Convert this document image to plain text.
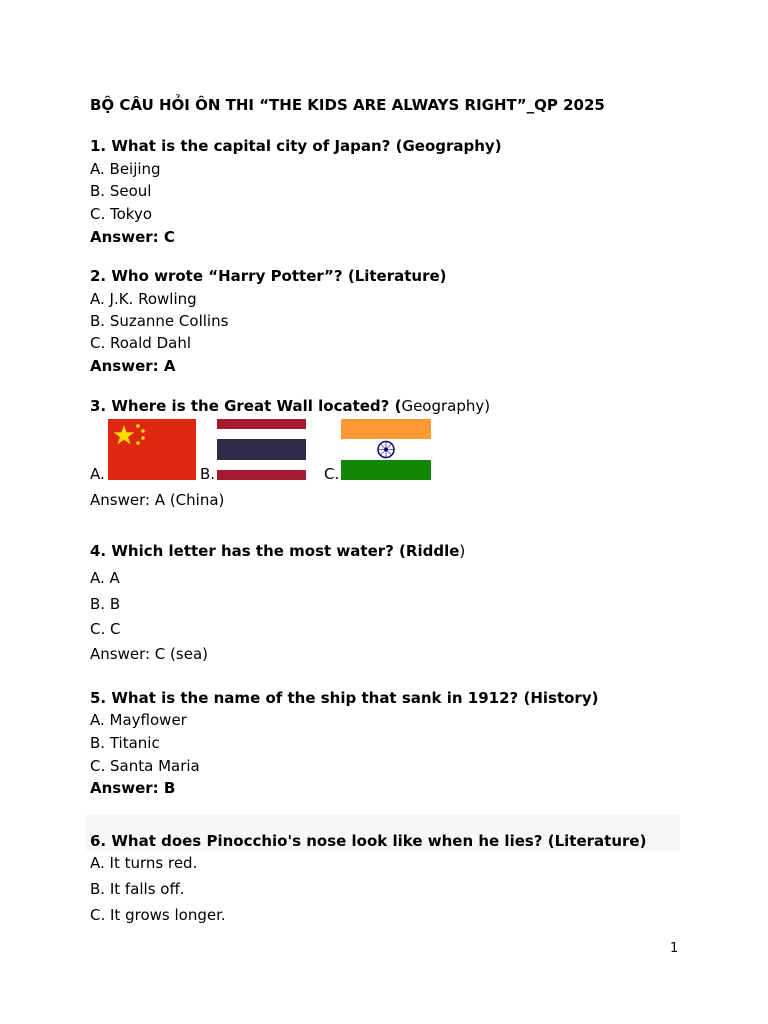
BỘ CÂU HỎI ÔN THI “THE KIDS ARE ALWAYS RIGHT”_QP 2025
1. What is the capital city of Japan? (Geography)
A. Beijing
B. Seoul
C. Tokyo
Answer: C
2. Who wrote “Harry Potter”? (Literature)
A. J.K. Rowling
B. Suzanne Collins
C. Roald Dahl
Answer: A
3. Where is the Great Wall located? (Geography)
A.	B.	C.
Answer: A (China)
4. Which letter has the most water? (Riddle)
A. A
B. B
C. C
Answer: C (sea)
5. What is the name of the ship that sank in 1912? (History)
A. Mayflower
B. Titanic
C. Santa Maria
Answer: B
6. What does Pinocchio's nose look like when he lies? (Literature)
A. It turns red.
B. It falls off.
C. It grows longer.
1
